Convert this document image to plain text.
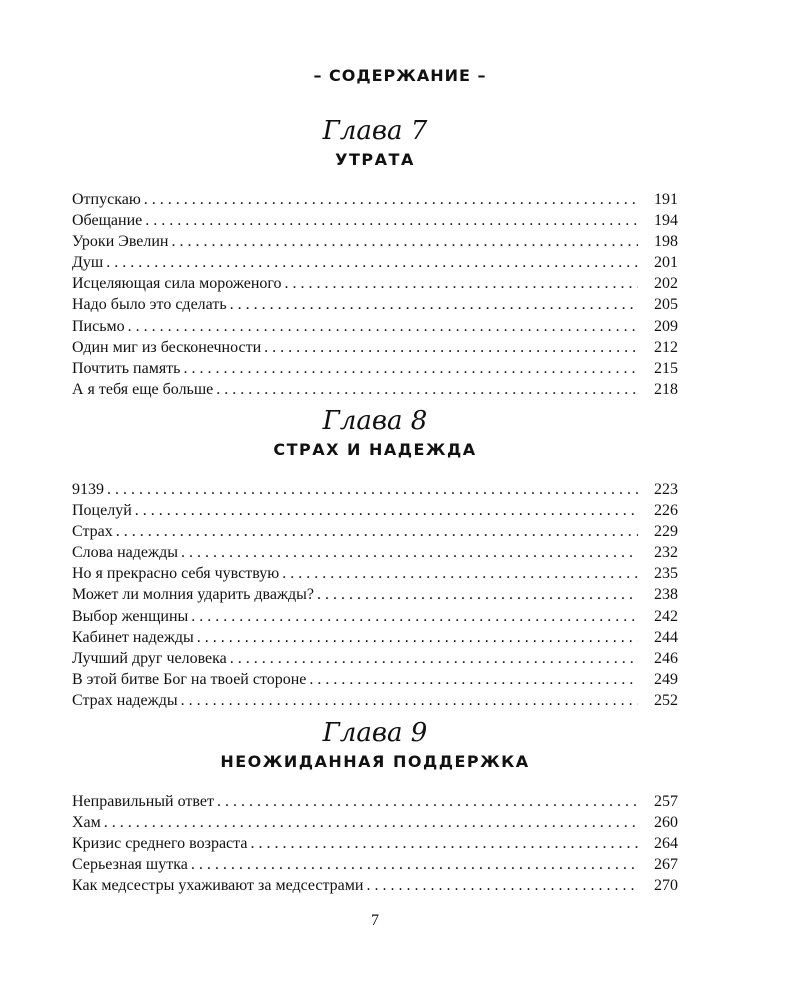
– СОДЕРЖАНИЕ –
Глава 7
УТРАТА
Отпускаю . . .	191
Обещание . . .	194
Уроки Эвелин . . .	198
Душ . . .	201
Исцеляющая сила мороженого . . .	202
Надо было это сделать . . .	205
Письмо . . .	209
Один миг из бесконечности . . .	212
Почтить память . . .	215
А я тебя еще больше . . .	218
Глава 8
СТРАХ И НАДЕЖДА
9139 . . .	223
Поцелуй . . .	226
Страх . . .	229
Слова надежды . . .	232
Но я прекрасно себя чувствую . . .	235
Может ли молния ударить дважды? . . .	238
Выбор женщины . . .	242
Кабинет надежды . . .	244
Лучший друг человека . . .	246
В этой битве Бог на твоей стороне . . .	249
Страх надежды . . .	252
Глава 9
НЕОЖИДАННАЯ ПОДДЕРЖКА
Неправильный ответ . . .	257
Хам . . .	260
Кризис среднего возраста . . .	264
Серьезная шутка . . .	267
Как медсестры ухаживают за медсестрами . . .	270
7
